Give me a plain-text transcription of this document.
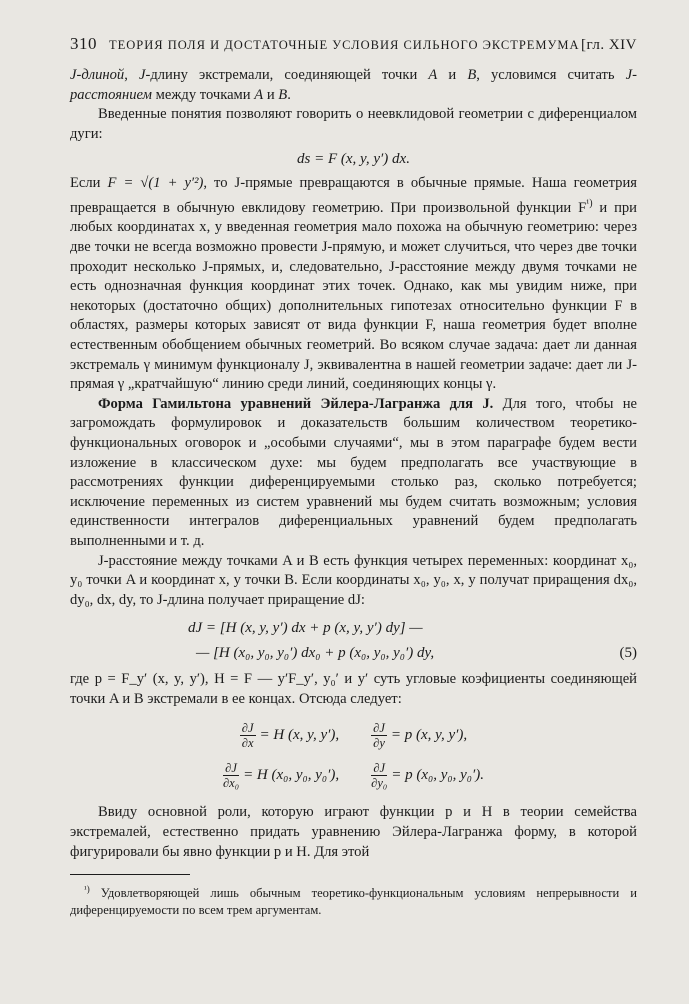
310 ТЕОРИЯ ПОЛЯ И ДОСТАТОЧНЫЕ УСЛОВИЯ СИЛЬНОГО ЭКСТРЕМУМА [гл. XIV

J-длиной, J-длину экстремали, соединяющей точки A и B, условимся считать J-расстоянием между точками A и B.

Введенные понятия позволяют говорить о неевклидовой геометрии с диференциалом дуги:

ds = F (x, y, y′) dx.

Если F = √(1 + y′²), то J-прямые превращаются в обычные прямые. Наша геометрия превращается в обычную евклидову геометрию. При произвольной функции $F^{^1)}$ и при любых координатах x, y введенная геометрия мало похожа на обычную геометрию: через две точки не всегда возможно провести J-прямую, и может случиться, что через две точки проходит несколько J-прямых, и, следовательно, J-расстояние между двумя точками не есть однозначная функция координат этих точек. Однако, как мы увидим ниже, при некоторых (достаточно общих) дополнительных гипотезах относительно функции F в областях, размеры которых зависят от вида функции F, наша геометрия будет вполне естественным обобщением обычных геометрий. Во всяком случае задача: дает ли данная экстремаль γ минимум функционалу J, эквивалентна в нашей геометрии задаче: дает ли J-прямая γ „кратчайшую“ линию среди линий, соединяющих концы γ.

Форма Гамильтона уравнений Эйлера-Лагранжа для J. Для того, чтобы не загромождать формулировок и доказательств большим количеством теоретико-функциональных оговорок и „особыми случаями“, мы в этом параграфе будем вести изложение в классическом духе: мы будем предполагать все участвующие в рассмотрениях функции диференцируемыми столько раз, сколько потребуется; исключение переменных из систем уравнений мы будем считать возможным; условия единственности интегралов диференциальных уравнений будем предполагать выполненными и т. д.

J-расстояние между точками A и B есть функция четырех переменных: координат x₀, y₀ точки A и координат x, y точки B. Если координаты x₀, y₀, x, y получат приращения dx₀, dy₀, dx, dy, то J-длина получает приращение dJ:

dJ = [H (x, y, y′) dx + p (x, y, y′) dy] —
— [H (x₀, y₀, y₀′) dx₀ + p (x₀, y₀, y₀′) dy,	(5)

где p = F_y′ (x, y, y′), H = F — y′F_y′, y₀′ и y′ суть угловые коэфициенты соединяющей точки A и B экстремали в ее концах. Отсюда следует:

$\frac{\partial J}{\partial x} = H$ (x, y, y′),	$\frac{\partial J}{\partial y} = p$ (x, y, y′),
$\frac{\partial J}{\text{∂x₀}} = H$ (x₀, y₀, y₀′),	$\frac{\partial J}{\text{∂y₀}} = p$ (x₀, y₀, y₀′).

Ввиду основной роли, которую играют функции p и H в теории семейства экстремалей, естественно придать уравнению Эйлера-Лагранжа форму, в которой фигурировали бы явно функции p и H. Для этой

$^{^1)}$ Удовлетворяющей лишь обычным теоретико-функциональным условиям непрерывности и диференцируемости по всем трем аргументам.
